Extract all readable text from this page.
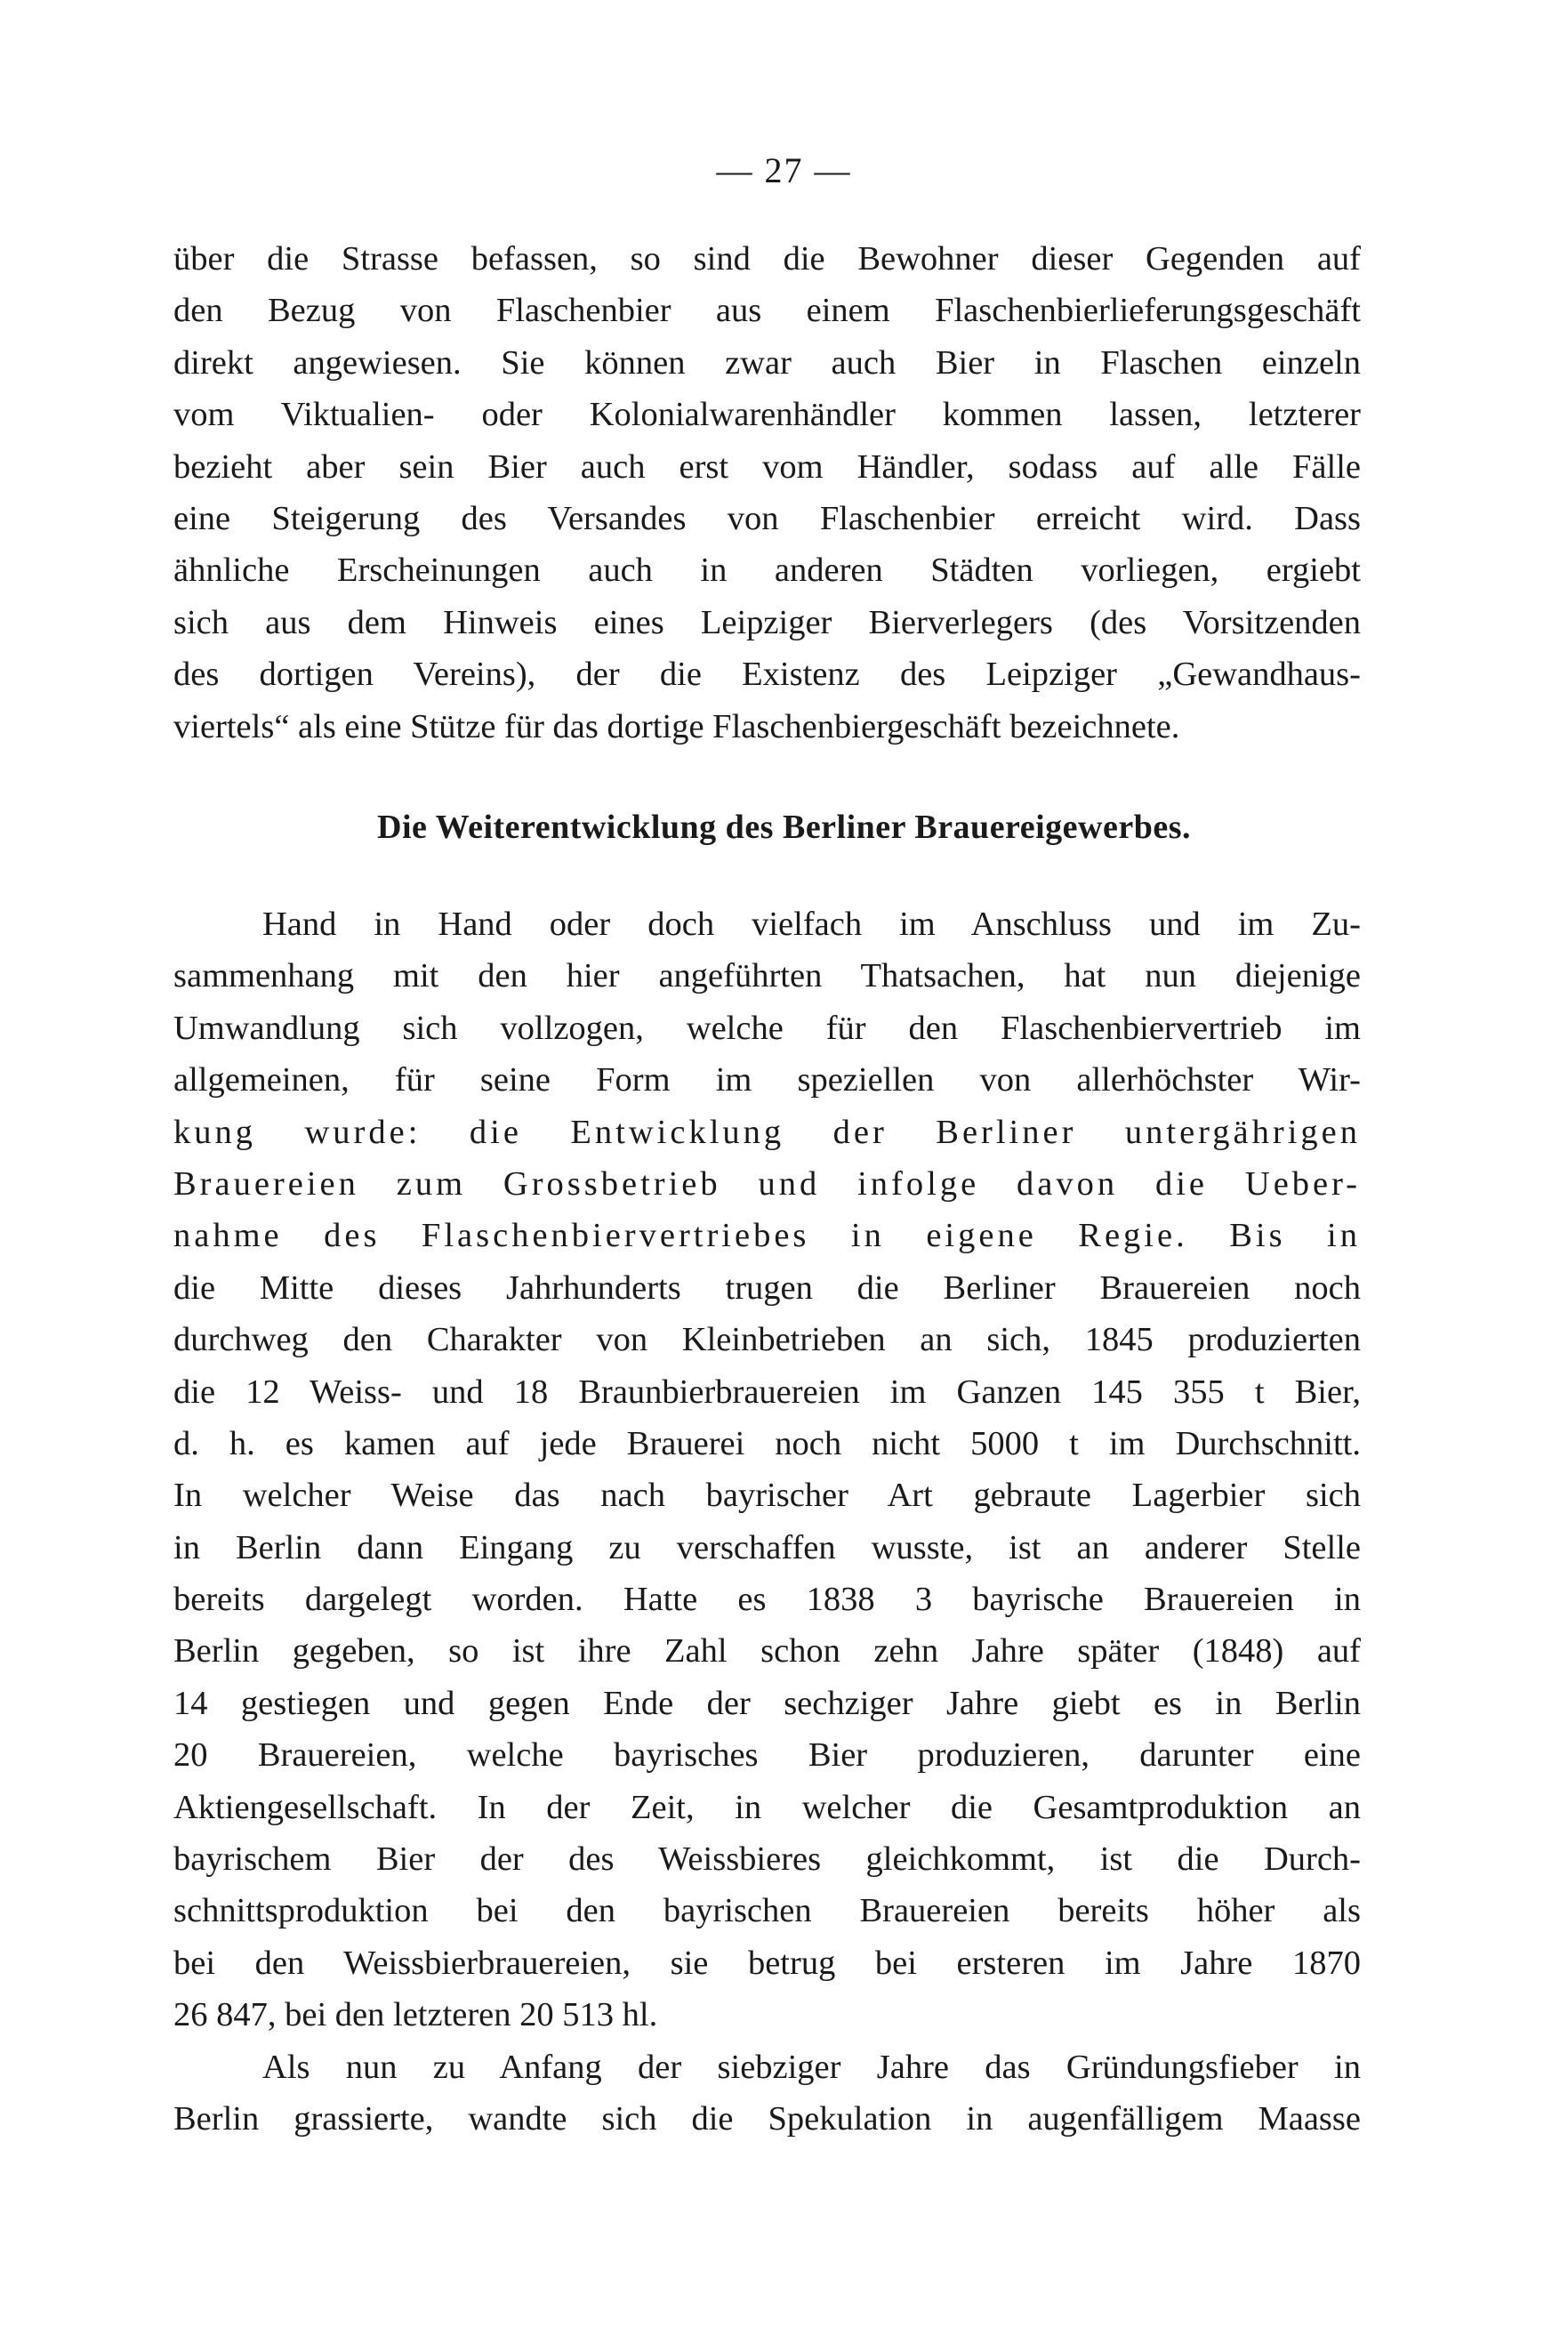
— 27 —
über die Strasse befassen, so sind die Bewohner dieser Gegenden auf
den Bezug von Flaschenbier aus einem Flaschenbierlieferungsgeschäft
direkt angewiesen. Sie können zwar auch Bier in Flaschen einzeln
vom Viktualien- oder Kolonialwarenhändler kommen lassen, letzterer
bezieht aber sein Bier auch erst vom Händler, sodass auf alle Fälle
eine Steigerung des Versandes von Flaschenbier erreicht wird. Dass
ähnliche Erscheinungen auch in anderen Städten vorliegen, ergiebt
sich aus dem Hinweis eines Leipziger Bierverlegers (des Vorsitzenden
des dortigen Vereins), der die Existenz des Leipziger „Gewandhaus-
viertels“ als eine Stütze für das dortige Flaschenbiergeschäft bezeichnete.
Die Weiterentwicklung des Berliner Brauereigewerbes.
Hand in Hand oder doch vielfach im Anschluss und im Zu-
sammenhang mit den hier angeführten Thatsachen, hat nun diejenige
Umwandlung sich vollzogen, welche für den Flaschenbiervertrieb im
allgemeinen, für seine Form im speziellen von allerhöchster Wir-
kung wurde: die Entwicklung der Berliner untergährigen
Brauereien zum Grossbetrieb und infolge davon die Ueber-
nahme des Flaschenbiervertriebes in eigene Regie. Bis in
die Mitte dieses Jahrhunderts trugen die Berliner Brauereien noch
durchweg den Charakter von Kleinbetrieben an sich, 1845 produzierten
die 12 Weiss- und 18 Braunbierbrauereien im Ganzen 145 355 t Bier,
d. h. es kamen auf jede Brauerei noch nicht 5000 t im Durchschnitt.
In welcher Weise das nach bayrischer Art gebraute Lagerbier sich
in Berlin dann Eingang zu verschaffen wusste, ist an anderer Stelle
bereits dargelegt worden. Hatte es 1838 3 bayrische Brauereien in
Berlin gegeben, so ist ihre Zahl schon zehn Jahre später (1848) auf
14 gestiegen und gegen Ende der sechziger Jahre giebt es in Berlin
20 Brauereien, welche bayrisches Bier produzieren, darunter eine
Aktiengesellschaft. In der Zeit, in welcher die Gesamtproduktion an
bayrischem Bier der des Weissbieres gleichkommt, ist die Durch-
schnittsproduktion bei den bayrischen Brauereien bereits höher als
bei den Weissbierbrauereien, sie betrug bei ersteren im Jahre 1870
26 847, bei den letzteren 20 513 hl.
Als nun zu Anfang der siebziger Jahre das Gründungsfieber in
Berlin grassierte, wandte sich die Spekulation in augenfälligem Maasse
